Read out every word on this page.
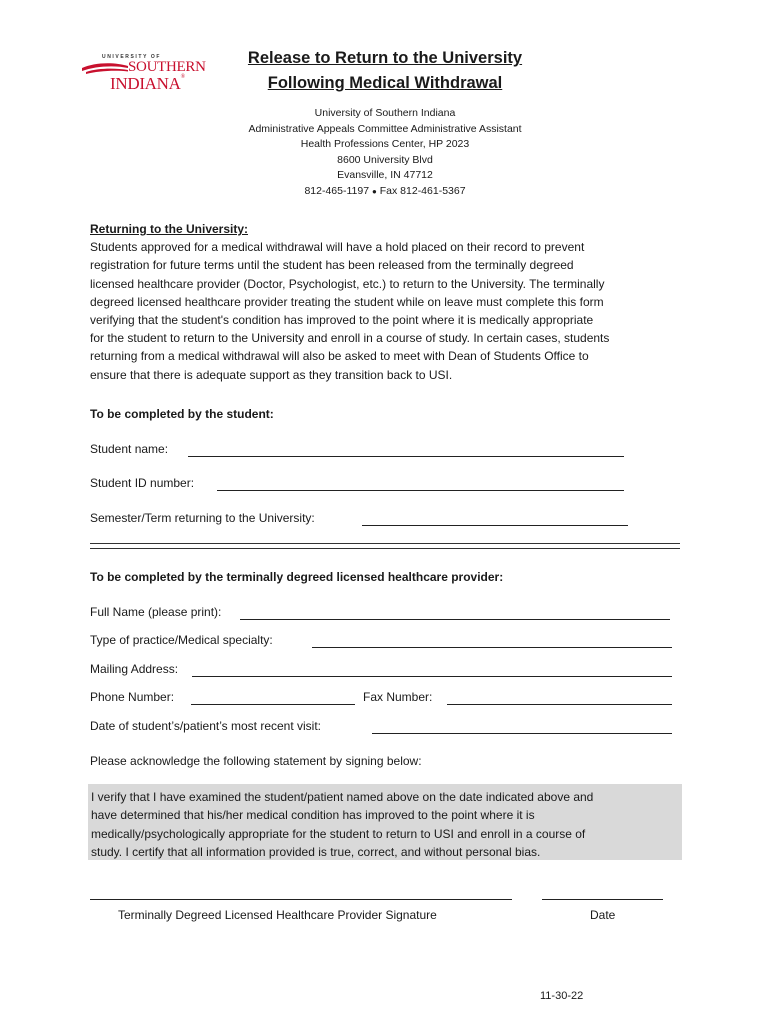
UNIVERSITY OF
SOUTHERN
INDIANA®
Release to Return to the University
Following Medical Withdrawal
University of Southern Indiana
Administrative Appeals Committee Administrative Assistant
Health Professions Center, HP 2023
8600 University Blvd
Evansville, IN 47712
812-465-1197 ● Fax 812-461-5367
Returning to the University:
Students approved for a medical withdrawal will have a hold placed on their record to prevent
registration for future terms until the student has been released from the terminally degreed
licensed healthcare provider (Doctor, Psychologist, etc.) to return to the University. The terminally
degreed licensed healthcare provider treating the student while on leave must complete this form
verifying that the student's condition has improved to the point where it is medically appropriate
for the student to return to the University and enroll in a course of study. In certain cases, students
returning from a medical withdrawal will also be asked to meet with Dean of Students Office to
ensure that there is adequate support as they transition back to USI.
To be completed by the student:
Student name:
Student ID number:
Semester/Term returning to the University:
To be completed by the terminally degreed licensed healthcare provider:
Full Name (please print):
Type of practice/Medical specialty:
Mailing Address:
Phone Number:	Fax Number:
Date of student’s/patient’s most recent visit:
Please acknowledge the following statement by signing below:
I verify that I have examined the student/patient named above on the date indicated above and
have determined that his/her medical condition has improved to the point where it is
medically/psychologically appropriate for the student to return to USI and enroll in a course of
study. I certify that all information provided is true, correct, and without personal bias.
Terminally Degreed Licensed Healthcare Provider Signature	Date
11-30-22
